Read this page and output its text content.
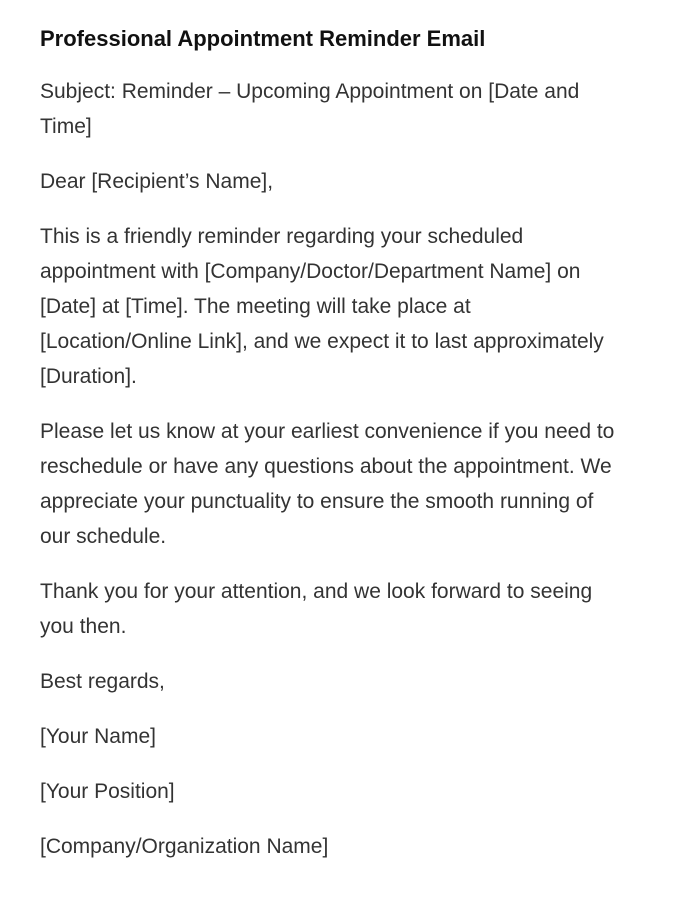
Professional Appointment Reminder Email

Subject: Reminder – Upcoming Appointment on [Date and Time]

Dear [Recipient’s Name],

This is a friendly reminder regarding your scheduled appointment with [Company/Doctor/Department Name] on [Date] at [Time]. The meeting will take place at [Location/Online Link], and we expect it to last approximately [Duration].

Please let us know at your earliest convenience if you need to reschedule or have any questions about the appointment. We appreciate your punctuality to ensure the smooth running of our schedule.

Thank you for your attention, and we look forward to seeing you then.

Best regards,

[Your Name]

[Your Position]

[Company/Organization Name]
